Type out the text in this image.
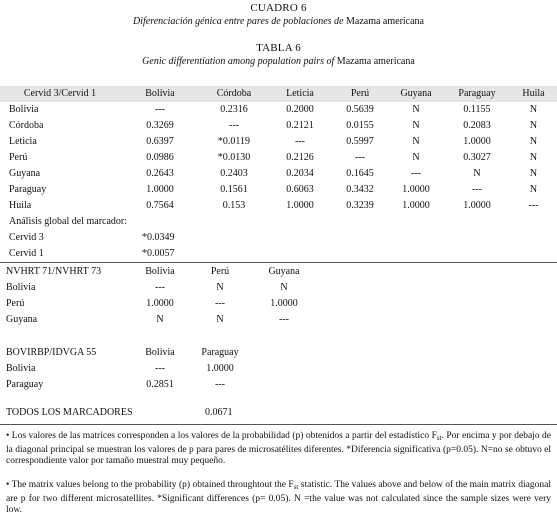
CUADRO 6
Diferenciación génica entre pares de poblaciones de Mazama americana
TABLA 6
Genic differentiation among population pairs of Mazama americana
Cervid 3/Cervid 1	Bolivia	Córdoba	Leticia	Perú	Guyana	Paraguay	Huila
Bolivia	---	0.2316	0.2000	0.5639	N	0.1155	N
Córdoba	0.3269	---	0.2121	0.0155	N	0.2083	N
Leticia	0.6397	*0.0119	---	0.5997	N	1.0000	N
Perú	0.0986	*0.0130	0.2126	---	N	0.3027	N
Guyana	0.2643	0.2403	0.2034	0.1645	---	N	N
Paraguay	1.0000	0.1561	0.6063	0.3432	1.0000	---	N
Huila	0.7564	0.153	1.0000	0.3239	1.0000	1.0000	---
Análisis global del marcador:
Cervid 3	*0.0349
Cervid 1	*0.0057
NVHRT 71/NVHRT 73	Bolivia	Perú	Guyana
Bolivia	---	N	N
Perú	1.0000	---	1.0000
Guyana	N	N	---
BOVIRBP/IDVGA 55	Bolivia	Paraguay
Bolivia	---	1.0000
Paraguay	0.2851	---
TODOS LOS MARCADORES	0.0671
• Los valores de las matrices corresponden a los valores de la probabilidad (p) obtenidos a partir del estadístico $F_{st}$. Por encima y por debajo de la diagonal principal se muestran los valores de p para pares de microsatélites diferentes. *Diferencia significativa (p=0.05). N=no se obtuvo el correspondiente valor por tamaño muestral muy pequeño.
• The matrix values belong to the probability (p) obtained throughtout the $F_{st}$ statistic. The values above and below of the main matrix diagonal are p for two different microsatellites. *Significant differences (p= 0.05). N =the value was not calculated since the sample sizes were very low.
